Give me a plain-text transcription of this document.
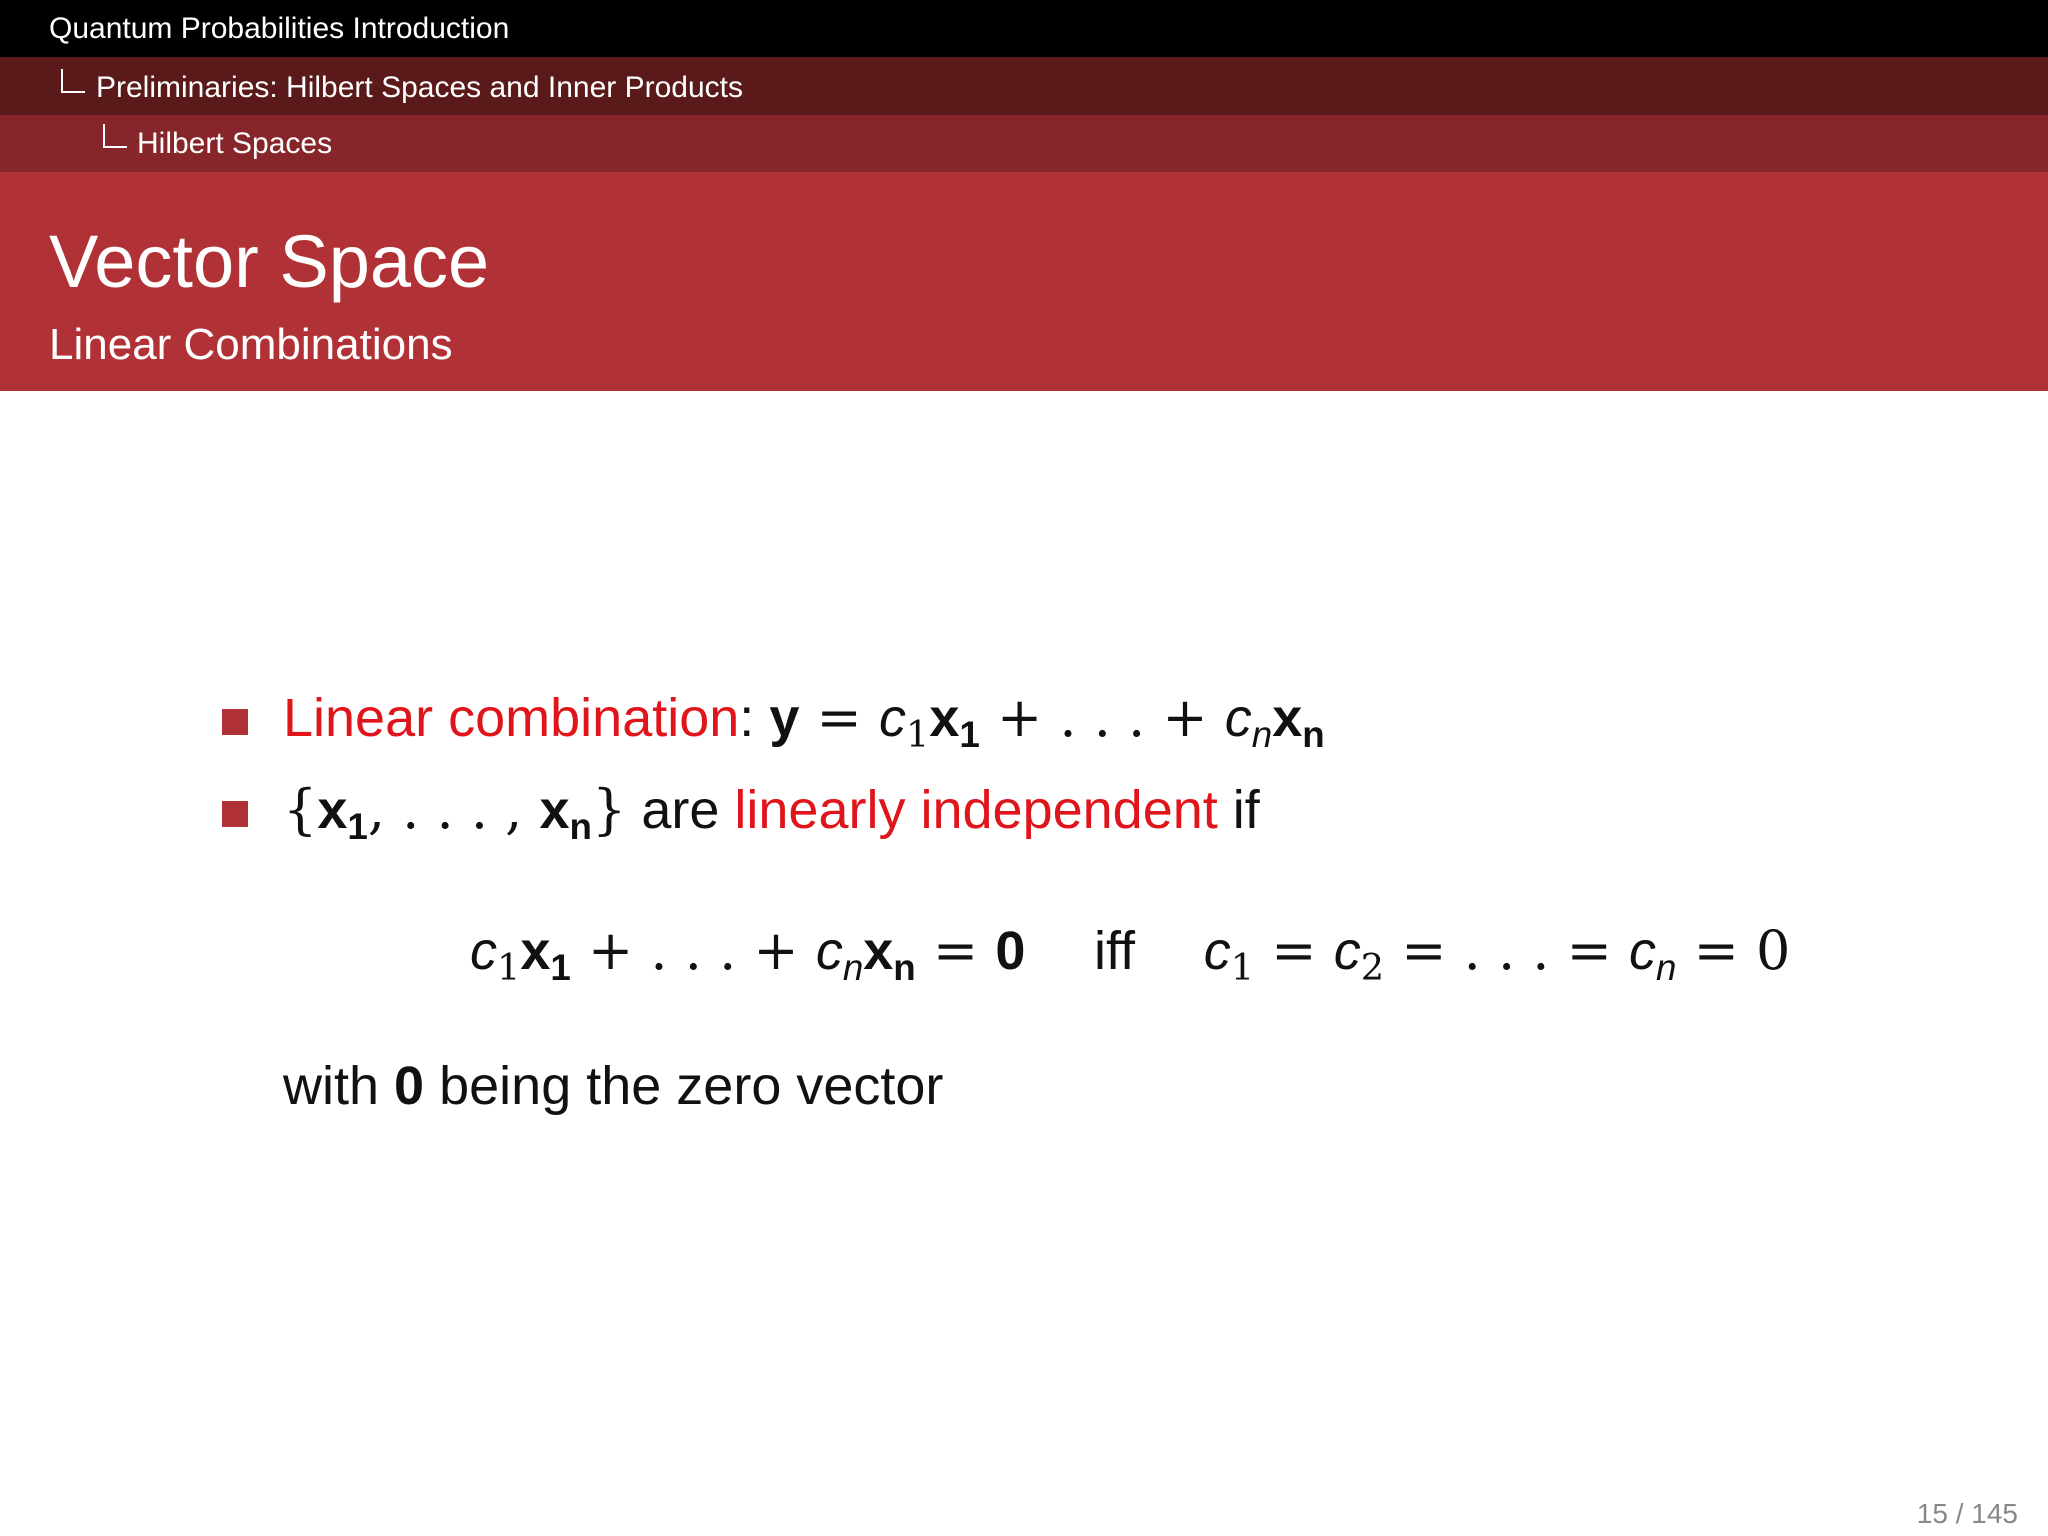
Quantum Probabilities Introduction
Preliminaries: Hilbert Spaces and Inner Products
Hilbert Spaces
Vector Space
Linear Combinations
Linear combination: $y = c_1x_1$ + . . . + $c_nx_n$
{$x_1$, . . . , $x_n$} are linearly independent if
$c_1x_1$ + . . . + $c_nx_n = 0$ iff $c_1 = c_2$ = . . . = $c_n = 0$
with 0 being the zero vector
15 / 145
